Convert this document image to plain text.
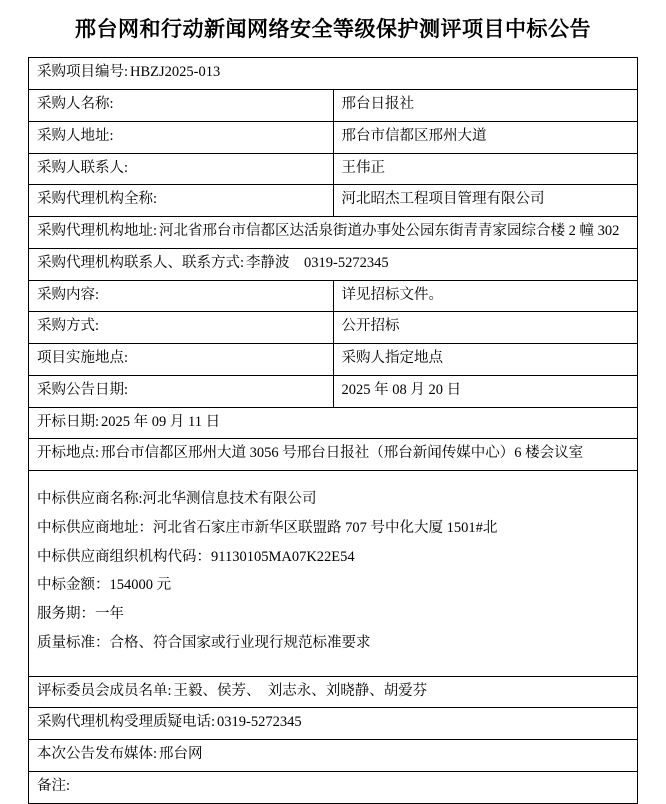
邢台网和行动新闻网络安全等级保护测评项目中标公告
采购项目编号: HBZJ2025-013	
采购人名称:	邢台日报社
采购人地址:	邢台市信都区邢州大道
采购人联系人:	王伟正
采购代理机构全称:	河北昭杰工程项目管理有限公司
采购代理机构地址: 河北省邢台市信都区达活泉街道办事处公园东街青青家园综合楼 2 幢 302	
采购代理机构联系人、联系方式: 李静波　0319-5272345	
采购内容:	详见招标文件。
采购方式:	公开招标
项目实施地点:	采购人指定地点
采购公告日期:	2025 年 08 月 20 日
开标日期: 2025 年 09 月 11 日	
开标地点: 邢台市信都区邢州大道 3056 号邢台日报社（邢台新闻传媒中心）6 楼会议室	

中标供应商名称:河北华测信息技术有限公司
中标供应商地址：河北省石家庄市新华区联盟路 707 号中化大厦 1501#北
中标供应商组织机构代码：91130105MA07K22E54
中标金额：154000 元
服务期：一年
质量标准：合格、符合国家或行业现行规范标准要求

评标委员会成员名单: 王毅、侯芳、　刘志永、刘晓静、胡爱芬	
采购代理机构受理质疑电话: 0319-5272345	
本次公告发布媒体: 邢台网	
备注:	
